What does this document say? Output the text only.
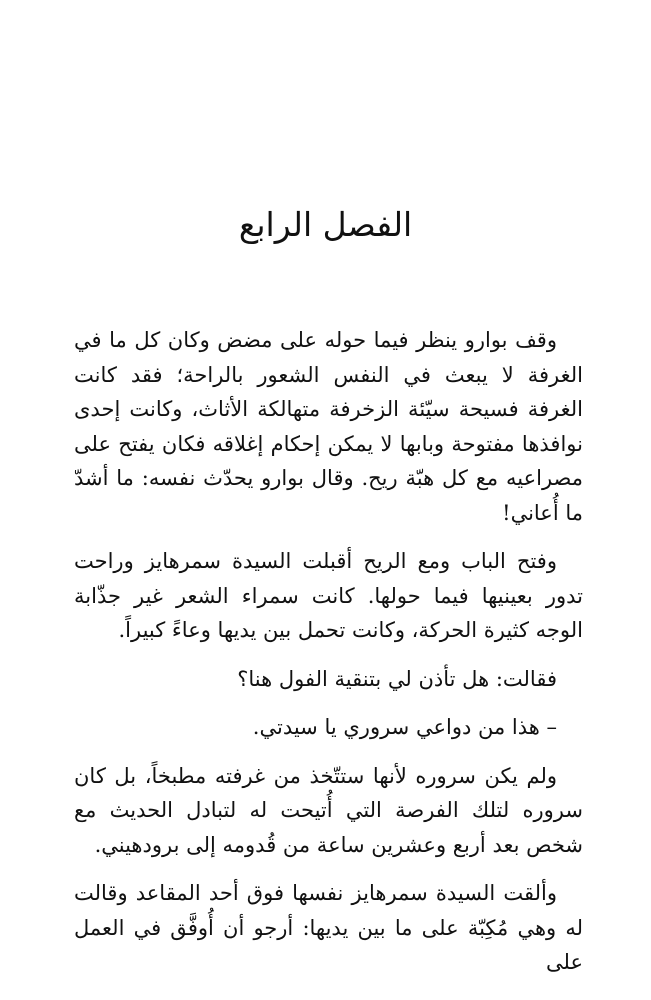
الفصل الرابع

وقف بوارو ينظر فيما حوله على مضض وكان كل ما في الغرفة لا يبعث في النفس الشعور بالراحة؛ فقد كانت الغرفة فسيحة سيّئة الزخرفة متهالكة الأثاث، وكانت إحدى نوافذها مفتوحة وبابها لا يمكن إحكام إغلاقه فكان يفتح على مصراعيه مع كل هبّة ريح. وقال بوارو يحدّث نفسه: ما أشدّ ما أُعاني!

وفتح الباب ومع الريح أقبلت السيدة سمرهايز وراحت تدور بعينيها فيما حولها. كانت سمراء الشعر غير جذّابة الوجه كثيرة الحركة، وكانت تحمل بين يديها وعاءً كبيراً.

فقالت: هل تأذن لي بتنقية الفول هنا؟

– هذا من دواعي سروري يا سيدتي.

ولم يكن سروره لأنها ستتّخذ من غرفته مطبخاً، بل كان سروره لتلك الفرصة التي أُتيحت له لتبادل الحديث مع شخص بعد أربع وعشرين ساعة من قُدومه إلى برودهيني.

وألقت السيدة سمرهايز نفسها فوق أحد المقاعد وقالت له وهي مُكِبّة على ما بين يديها: أرجو أن أُوفَّق في العمل على
